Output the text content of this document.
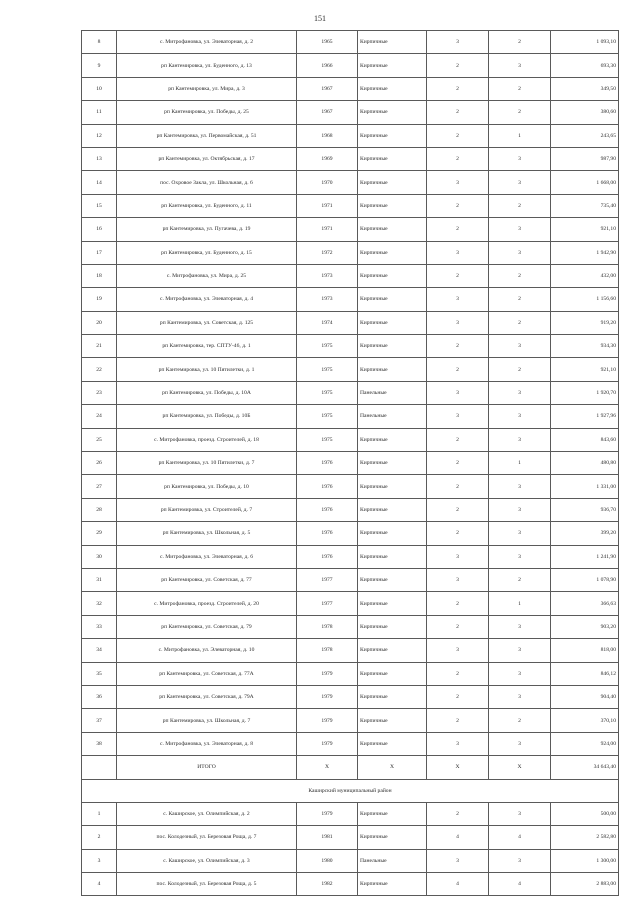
151
8	с. Митрофановка, ул. Элеваторная, д. 2	1965	Кирпичные	3	2	1 093,10
9	рп Кантемировка, ул. Буденного, д. 13	1966	Кирпичные	2	3	693,30
10	рп Кантемировка, ул. Мира, д. 3	1967	Кирпичные	2	2	349,50
11	рп Кантемировка, ул. Победы, д. 25	1967	Кирпичные	2	2	380,60
12	рп Кантемировка, ул. Первомайская, д. 51	1968	Кирпичные	2	1	243,65
13	рп Кантемировка, ул. Октябрьская, д. 17	1969	Кирпичные	2	3	987,90
14	пос. Охровое Закла, ул. Школьная, д. 6	1970	Кирпичные	3	3	1 668,00
15	рп Кантемировка, ул. Буденного, д. 11	1971	Кирпичные	2	2	735,40
16	рп Кантемировка, ул. Пугачева, д. 19	1971	Кирпичные	2	3	921,10
17	рп Кантемировка, ул. Буденного, д. 15	1972	Кирпичные	3	3	1 942,90
18	с. Митрофановка, ул. Мира, д. 25	1973	Кирпичные	2	2	432,00
19	с. Митрофановка, ул. Элеваторная, д. 4	1973	Кирпичные	3	2	1 156,60
20	рп Кантемировка, ул. Советская, д. 125	1974	Кирпичные	3	2	919,20
21	рп Кантемировка, тер. СПТУ-46, д. 1	1975	Кирпичные	2	3	934,30
22	рп Кантемировка, ул. 10 Пятилетки, д. 1	1975	Кирпичные	2	2	921,10
23	рп Кантемировка, ул. Победы, д. 10А	1975	Панельные	3	3	1 920,70
24	рп Кантемировка, ул. Победы, д. 10Б	1975	Панельные	3	3	1 927,96
25	с. Митрофановка, проезд. Строителей, д. 18	1975	Кирпичные	2	3	843,60
26	рп Кантемировка, ул. 10 Пятилетки, д. 7	1976	Кирпичные	2	1	480,80
27	рп Кантемировка, ул. Победы, д. 10	1976	Кирпичные	2	3	1 331,00
28	рп Кантемировка, ул. Строителей, д. 7	1976	Кирпичные	2	3	936,70
29	рп Кантемировка, ул. Школьная, д. 5	1976	Кирпичные	2	3	399,20
30	с. Митрофановка, ул. Элеваторная, д. 6	1976	Кирпичные	3	3	1 241,90
31	рп Кантемировка, ул. Советская, д. 77	1977	Кирпичные	3	2	1 078,90
32	с. Митрофановка, проезд. Строителей, д. 20	1977	Кирпичные	2	1	366,63
33	рп Кантемировка, ул. Советская, д. 79	1978	Кирпичные	2	3	903,20
34	с. Митрофановка, ул. Элеваторная, д. 10	1978	Кирпичные	3	3	818,00
35	рп Кантемировка, ул. Советская, д. 77А	1979	Кирпичные	2	3	846,12
36	рп Кантемировка, ул. Советская, д. 79А	1979	Кирпичные	2	3	904,40
37	рп Кантемировка, ул. Школьная, д. 7	1979	Кирпичные	2	2	370,10
38	с. Митрофановка, ул. Элеваторная, д. 8	1979	Кирпичные	3	3	924,00
	ИТОГО	X	X	X	X	34 643,40
Каширский муниципальный район						
1	с. Каширское, ул. Олимпийская, д. 2	1979	Кирпичные	2	3	500,00
2	пос. Колодезный, ул. Березовая Роща, д. 7	1981	Кирпичные	4	4	2 582,80
3	с. Каширское, ул. Олимпийская, д. 3	1980	Панельные	3	3	1 300,00
4	пос. Колодезный, ул. Березовая Роща, д. 5	1982	Кирпичные	4	4	2 883,00
